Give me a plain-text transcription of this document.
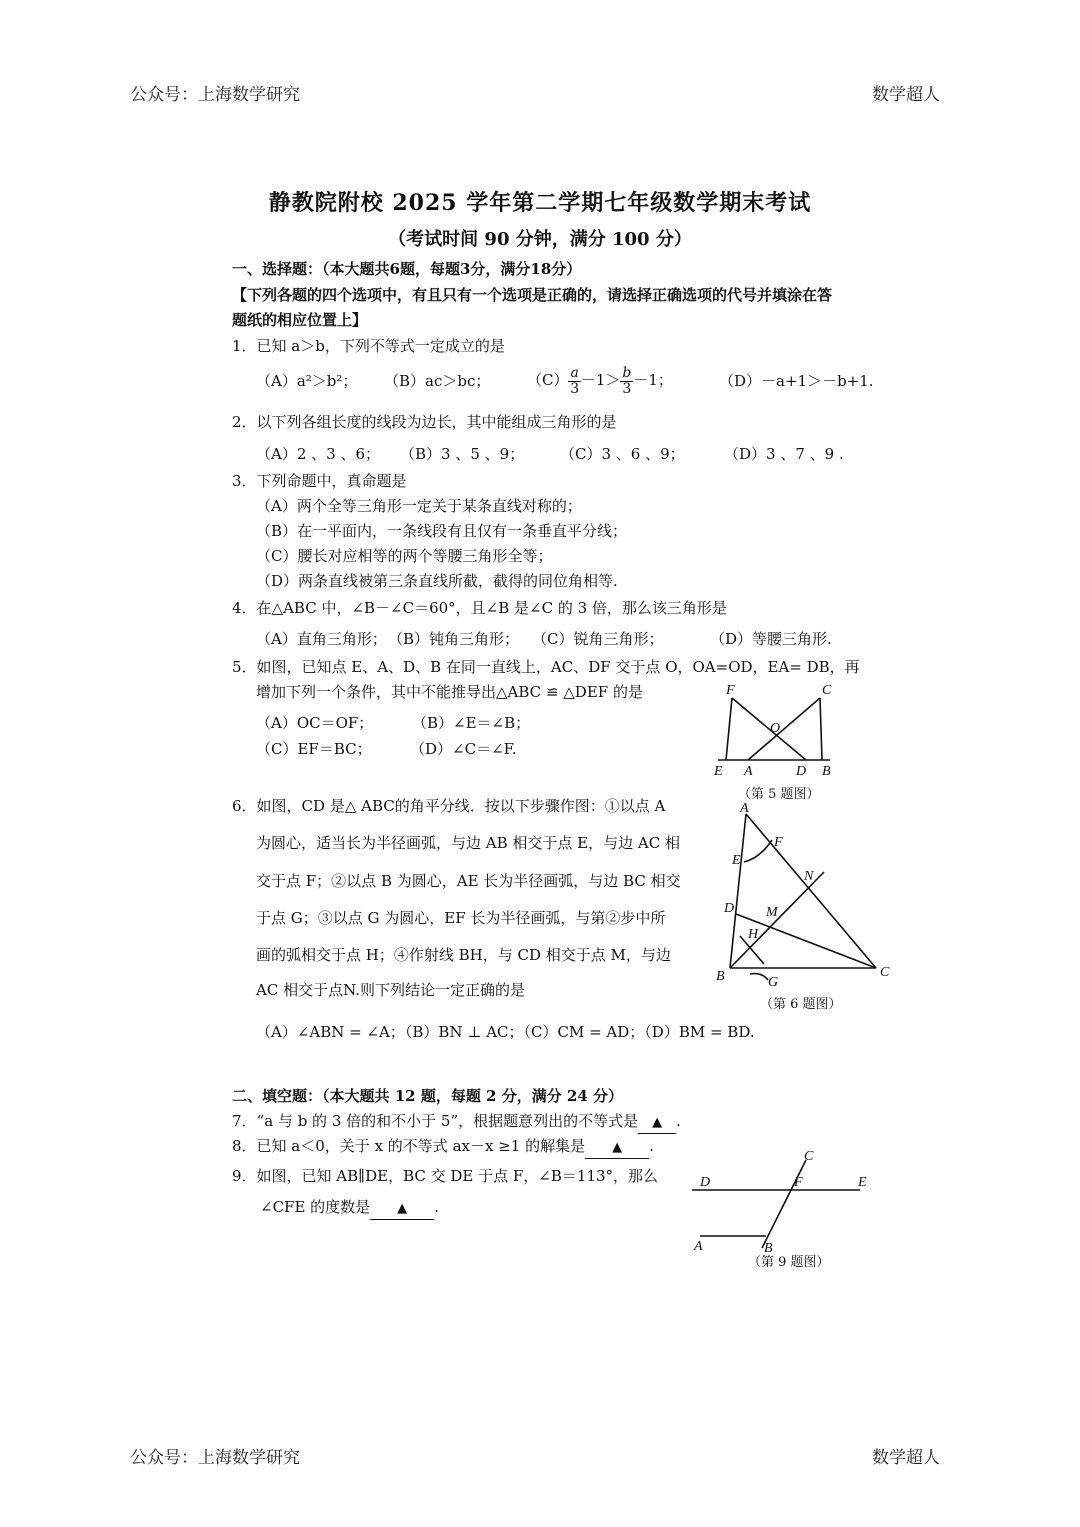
公众号：上海数学研究	数学超人
公众号：上海数学研究	数学超人
静教院附校 2025 学年第二学期七年级数学期末考试
（考试时间 90 分钟，满分 100 分）
一、选择题：（本大题共6题，每题3分，满分18分）
【下列各题的四个选项中，有且只有一个选项是正确的，请选择正确选项的代号并填涂在答
题纸的相应位置上】
1．已知 a＞b，下列不等式一定成立的是
（A）a²＞b²； （B）ac＞bc； $(C) \frac{a}{3} -1> \frac{b}{3} -1$；	（D）－a+1＞－b+1.
2．以下列各组长度的线段为边长，其中能组成三角形的是
（A）2 、3 、6； （B）3 、5 、9； （C）3 、6 、9；	（D）3 、7 、9 .
3．下列命题中，真命题是
（A）两个全等三角形一定关于某条直线对称的；
（B）在一平面内，一条线段有且仅有一条垂直平分线；
（C）腰长对应相等的两个等腰三角形全等；
（D）两条直线被第三条直线所截，截得的同位角相等.
4．在△ABC 中，∠B－∠C＝60°，且∠B 是∠C 的 3 倍，那么该三角形是
（A）直角三角形； （B）钝角三角形； （C）锐角三角形；	（D）等腰三角形.
5．如图，已知点 E、A、D、B 在同一直线上，AC、DF 交于点 O，OA=OD，EA= DB，再
增加下列一个条件，其中不能推导出△ABC ≌ △DEF 的是
（A）OC＝OF；	（B）∠E＝∠B；
（C）EF＝BC；	（D）∠C＝∠F.
F	C
O
E A	D B
（第 5 题图）
6．如图，CD 是△ ABC的角平分线．按以下步骤作图：①以点 A
为圆心，适当长为半径画弧，与边 AB 相交于点 E，与边 AC 相
交于点 F；②以点 B 为圆心，AE 长为半径画弧，与边 BC 相交
于点 G；③以点 G 为圆心，EF 长为半径画弧，与第②步中所
画的弧相交于点 H；④作射线 BH，与 CD 相交于点 M，与边
AC 相交于点N.则下列结论一定正确的是
（A）∠ABN = ∠A；（B）BN ⊥ AC；（C）CM = AD；（D）BM = BD.
A
F
E
N
D M
H
B	G
C
（第 6 题图）
二、填空题：（本大题共 12 题，每题 2 分，满分 24 分）
7．“a 与 b 的 3 倍的和不小于 5”，根据题意列出的不等式是 ▲ .
8．已知 a＜0，关于 x 的不等式 ax－x ≥1 的解集是 ▲ .
9．如图，已知 AB∥DE，BC 交 DE 于点 F，∠B＝113°，那么
∠CFE 的度数是 ▲ .
C
D	F	E
A	B
（第 9 题图）
